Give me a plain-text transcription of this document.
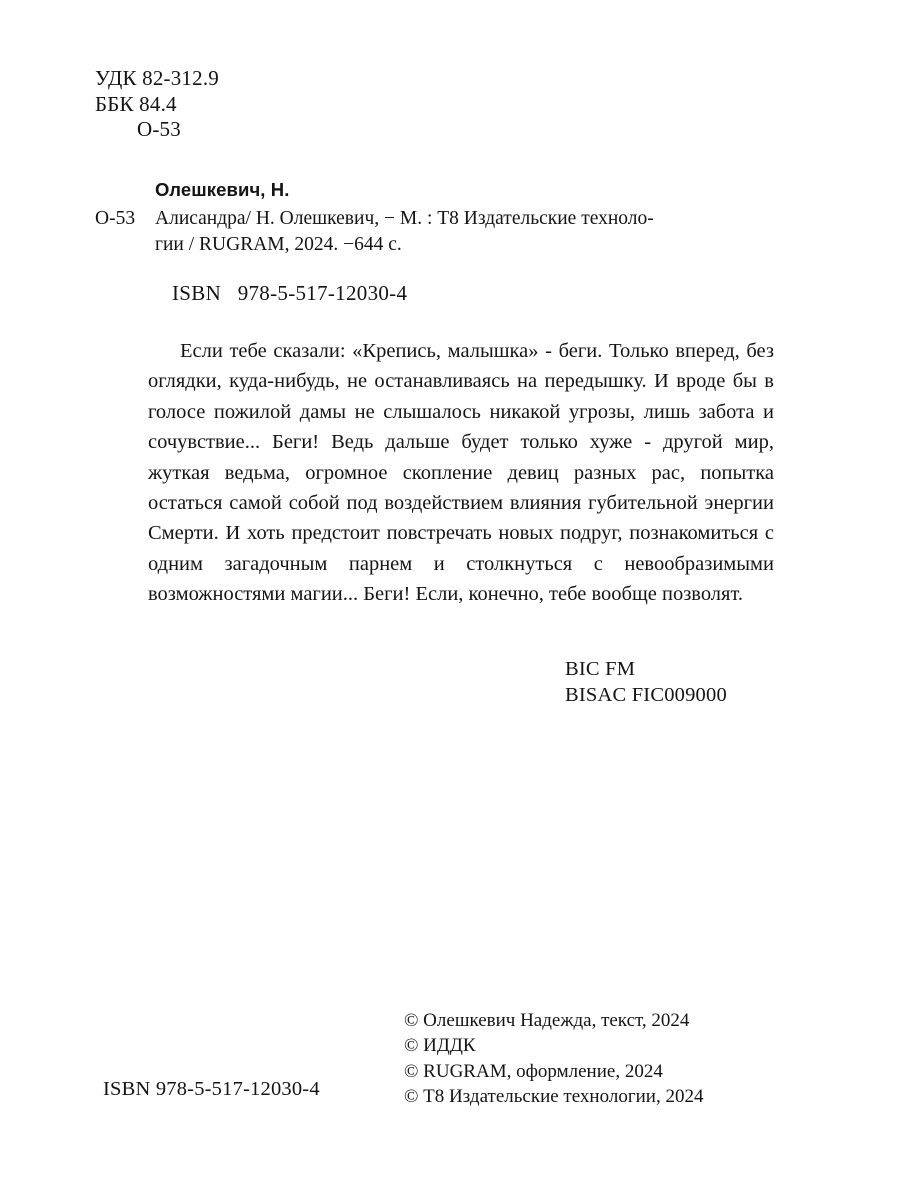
УДК 82-312.9
ББК 84.4
О-53
Олешкевич, Н.
О-53 Алисандра/ Н. Олешкевич, − М. : Т8 Издательские техноло-
гии / RUGRAM, 2024. −644 с.
ISBN   978-5-517-12030-4
Если тебе сказали: «Крепись, малышка» - беги. Только вперед, без оглядки, куда-нибудь, не останавливаясь на передышку. И вроде бы в голосе пожилой дамы не слышалось никакой угрозы, лишь забота и сочувствие... Беги! Ведь дальше будет только хуже - другой мир, жуткая ведьма, огромное скопление девиц разных рас, попытка остаться самой собой под воздействием влияния губительной энергии Смерти. И хоть предстоит повстречать новых подруг, познакомиться с одним загадочным парнем и столкнуться с невообразимыми возможностями магии... Беги! Если, конечно, тебе вообще позволят.
BIC FM
BISAC FIC009000
© Олешкевич Надежда, текст, 2024
© ИДДК
© RUGRAM, оформление, 2024
© Т8 Издательские технологии, 2024
ISBN 978-5-517-12030-4
